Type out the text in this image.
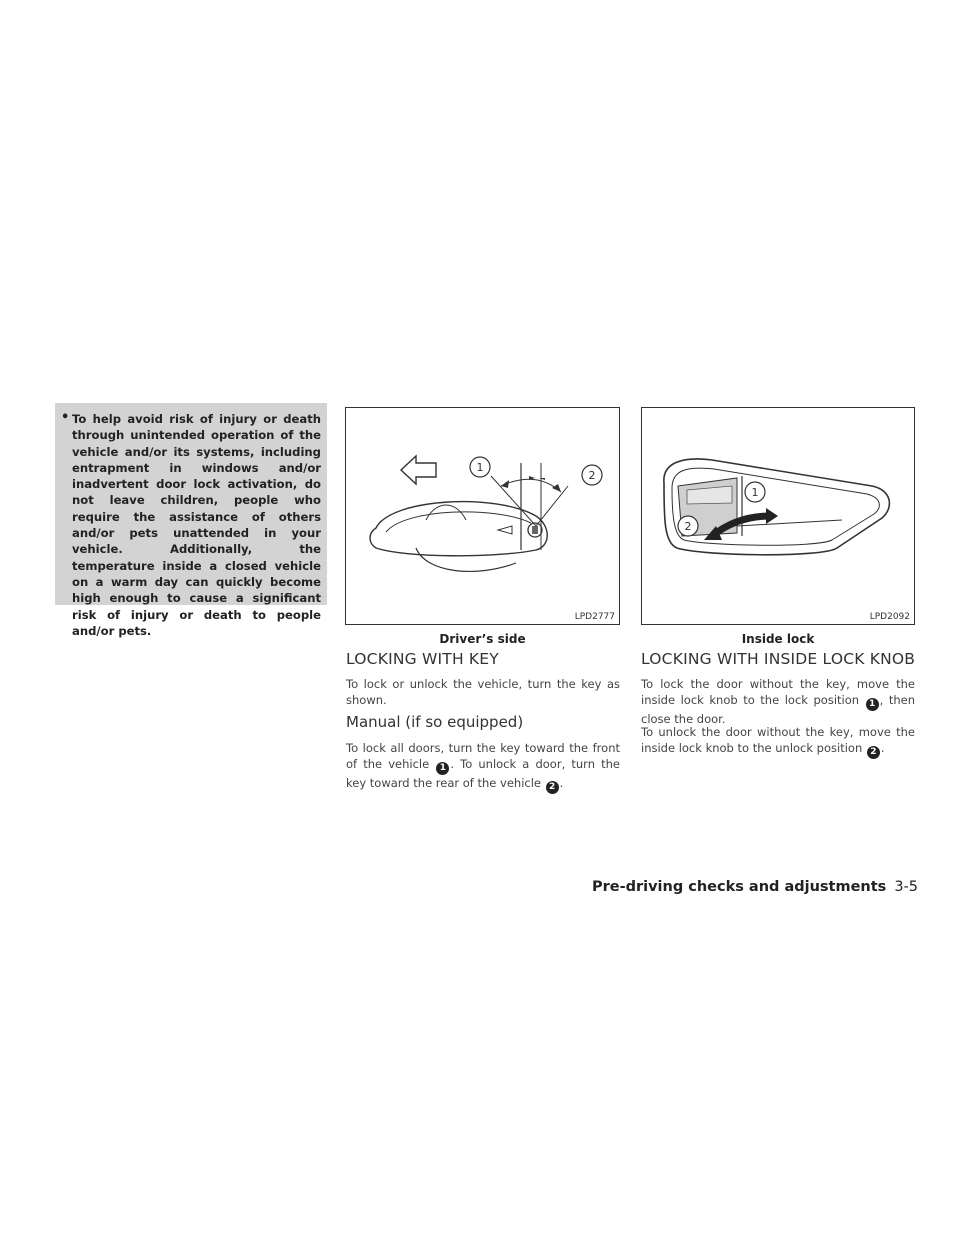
• To help avoid risk of injury or death through unintended operation of the vehicle and/or its systems, including entrapment in windows and/or inadvertent door lock activation, do not leave children, people who require the assistance of others and/or pets unattended in your vehicle. Additionally, the temperature inside a closed vehicle on a warm day can quickly become high enough to cause a significant risk of injury or death to people and/or pets.

1
2
LPD2777
Driver’s side
1
2
LPD2092
Inside lock
LOCKING WITH KEY

To lock or unlock the vehicle, turn the key as shown.

Manual (if so equipped)

To lock all doors, turn the key toward the front of the vehicle 1 . To unlock a door, turn the key toward the rear of the vehicle 2 .

LOCKING WITH INSIDE LOCK KNOB

To lock the door without the key, move the inside lock knob to the lock position 1 , then close the door.

To unlock the door without the key, move the inside lock knob to the unlock position 2 .

Pre-driving checks and adjustments 3-5
